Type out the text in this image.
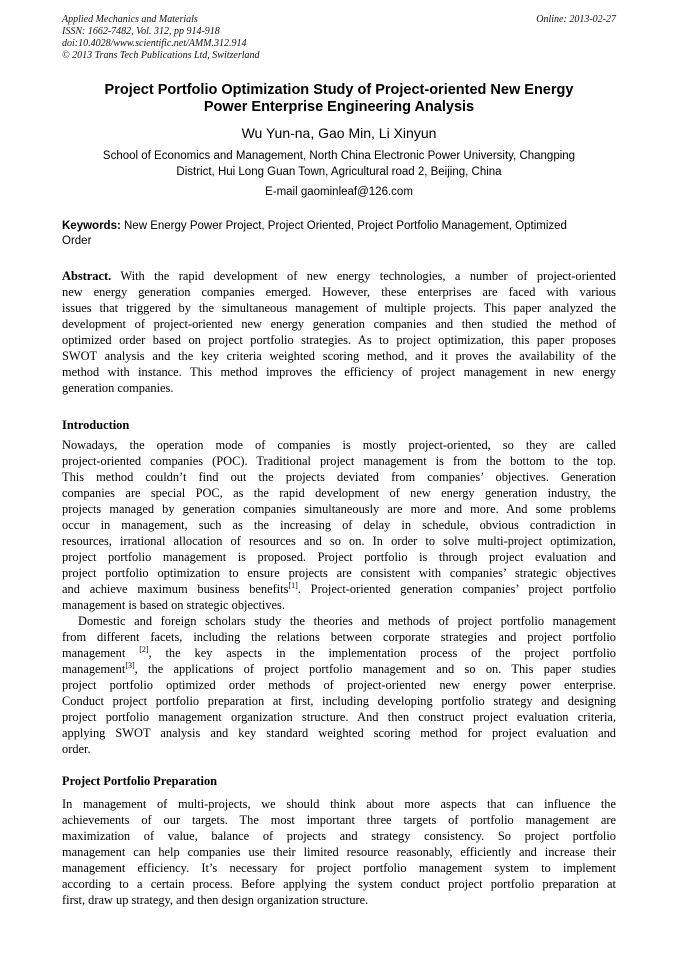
Applied Mechanics and Materials
ISSN: 1662-7482, Vol. 312, pp 914-918
doi:10.4028/www.scientific.net/AMM.312.914
© 2013 Trans Tech Publications Ltd, Switzerland
Online: 2013-02-27
Project Portfolio Optimization Study of Project-oriented New Energy
Power Enterprise Engineering Analysis
Wu Yun-na, Gao Min, Li Xinyun
School of Economics and Management, North China Electronic Power University, Changping
District, Hui Long Guan Town, Agricultural road 2, Beijing, China
E-mail gaominleaf@126.com
Keywords: New Energy Power Project, Project Oriented, Project Portfolio Management, Optimized
Order
Abstract. With the rapid development of new energy technologies, a number of project-oriented
new energy generation companies emerged. However, these enterprises are faced with various
issues that triggered by the simultaneous management of multiple projects. This paper analyzed the
development of project-oriented new energy generation companies and then studied the method of
optimized order based on project portfolio strategies. As to project optimization, this paper proposes
SWOT analysis and the key criteria weighted scoring method, and it proves the availability of the
method with instance. This method improves the efficiency of project management in new energy
generation companies.
Introduction
Nowadays, the operation mode of companies is mostly project-oriented, so they are called
project-oriented companies (POC). Traditional project management is from the bottom to the top.
This method couldn’t find out the projects deviated from companies’ objectives. Generation
companies are special POC, as the rapid development of new energy generation industry, the
projects managed by generation companies simultaneously are more and more. And some problems
occur in management, such as the increasing of delay in schedule, obvious contradiction in
resources, irrational allocation of resources and so on. In order to solve multi-project optimization,
project portfolio management is proposed. Project portfolio is through project evaluation and
project portfolio optimization to ensure projects are consistent with companies’ strategic objectives
and achieve maximum business benefits[1]. Project-oriented generation companies’ project portfolio
management is based on strategic objectives.
Domestic and foreign scholars study the theories and methods of project portfolio management
from different facets, including the relations between corporate strategies and project portfolio
management [2], the key aspects in the implementation process of the project portfolio
management[3], the applications of project portfolio management and so on. This paper studies
project portfolio optimized order methods of project-oriented new energy power enterprise.
Conduct project portfolio preparation at first, including developing portfolio strategy and designing
project portfolio management organization structure. And then construct project evaluation criteria,
applying SWOT analysis and key standard weighted scoring method for project evaluation and
order.
Project Portfolio Preparation
In management of multi-projects, we should think about more aspects that can influence the
achievements of our targets. The most important three targets of portfolio management are
maximization of value, balance of projects and strategy consistency. So project portfolio
management can help companies use their limited resource reasonably, efficiently and increase their
management efficiency. It’s necessary for project portfolio management system to implement
according to a certain process. Before applying the system conduct project portfolio preparation at
first, draw up strategy, and then design organization structure.
